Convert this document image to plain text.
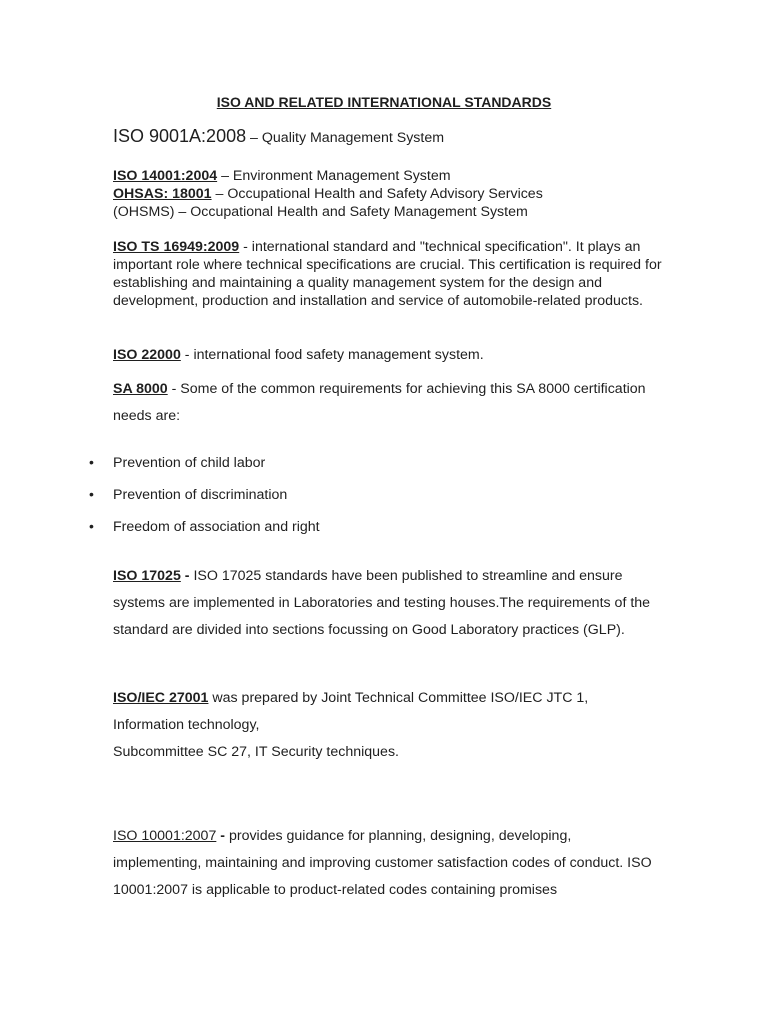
ISO AND RELATED INTERNATIONAL STANDARDS
ISO 9001A:2008 – Quality Management System
ISO 14001:2004 – Environment Management System
OHSAS: 18001 – Occupational Health and Safety Advisory Services
(OHSMS) – Occupational Health and Safety Management System
ISO TS 16949:2009 - international standard and "technical specification". It plays an important role where technical specifications are crucial. This certification is required for establishing and maintaining a quality management system for the design and development, production and installation and service of automobile-related products.
ISO 22000 - international food safety management system.
SA 8000 - Some of the common requirements for achieving this SA 8000 certification needs are:
• Prevention of child labor
• Prevention of discrimination
• Freedom of association and right
ISO 17025 - ISO 17025 standards have been published to streamline and ensure systems are implemented in Laboratories and testing houses.The requirements of the standard are divided into sections focussing on Good Laboratory practices (GLP).
ISO/IEC 27001 was prepared by Joint Technical Committee ISO/IEC JTC 1, Information technology,
Subcommittee SC 27, IT Security techniques.
ISO 10001:2007 - provides guidance for planning, designing, developing, implementing, maintaining and improving customer satisfaction codes of conduct. ISO 10001:2007 is applicable to product-related codes containing promises
